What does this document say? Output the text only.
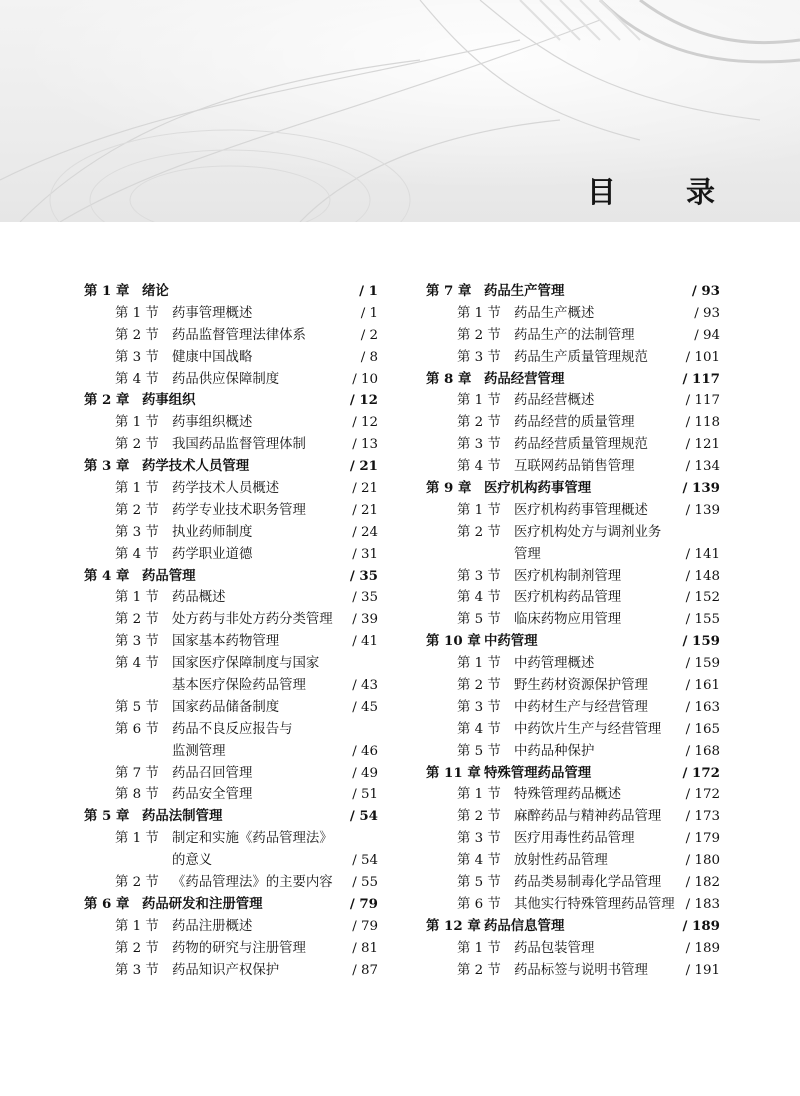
目 录
第 1 章 绪论	/ 1
第 1 节 药事管理概述	/ 1
第 2 节 药品监督管理法律体系	/ 2
第 3 节 健康中国战略	/ 8
第 4 节 药品供应保障制度	/ 10
第 2 章 药事组织	/ 12
第 1 节 药事组织概述	/ 12
第 2 节 我国药品监督管理体制	/ 13
第 3 章 药学技术人员管理	/ 21
第 1 节 药学技术人员概述	/ 21
第 2 节 药学专业技术职务管理	/ 21
第 3 节 执业药师制度	/ 24
第 4 节 药学职业道德	/ 31
第 4 章 药品管理	/ 35
第 1 节 药品概述	/ 35
第 2 节 处方药与非处方药分类管理 / 39
第 3 节 国家基本药物管理	/ 41
第 4 节 国家医疗保障制度与国家
基本医疗保险药品管理	/ 43
第 5 节 国家药品储备制度	/ 45
第 6 节 药品不良反应报告与
监测管理	/ 46
第 7 节 药品召回管理	/ 49
第 8 节 药品安全管理	/ 51
第 5 章 药品法制管理	/ 54
第 1 节 制定和实施《药品管理法》
的意义	/ 54
第 2 节 《药品管理法》的主要内容 / 55
第 6 章 药品研发和注册管理	/ 79
第 1 节 药品注册概述	/ 79
第 2 节 药物的研究与注册管理	/ 81
第 3 节 药品知识产权保护	/ 87
第 7 章 药品生产管理	/ 93
第 1 节 药品生产概述	/ 93
第 2 节 药品生产的法制管理	/ 94
第 3 节 药品生产质量管理规范	/ 101
第 8 章 药品经营管理	/ 117
第 1 节 药品经营概述	/ 117
第 2 节 药品经营的质量管理	/ 118
第 3 节 药品经营质量管理规范	/ 121
第 4 节 互联网药品销售管理	/ 134
第 9 章 医疗机构药事管理	/ 139
第 1 节 医疗机构药事管理概述	/ 139
第 2 节 医疗机构处方与调剂业务
管理	/ 141
第 3 节 医疗机构制剂管理	/ 148
第 4 节 医疗机构药品管理	/ 152
第 5 节 临床药物应用管理	/ 155
第 10 章 中药管理	/ 159
第 1 节 中药管理概述	/ 159
第 2 节 野生药材资源保护管理	/ 161
第 3 节 中药材生产与经营管理	/ 163
第 4 节 中药饮片生产与经营管理 / 165
第 5 节 中药品种保护	/ 168
第 11 章 特殊管理药品管理	/ 172
第 1 节 特殊管理药品概述	/ 172
第 2 节 麻醉药品与精神药品管理 / 173
第 3 节 医疗用毒性药品管理	/ 179
第 4 节 放射性药品管理	/ 180
第 5 节 药品类易制毒化学品管理 / 182
第 6 节 其他实行特殊管理药品管理 / 183
第 12 章 药品信息管理	/ 189
第 1 节 药品包装管理	/ 189
第 2 节 药品标签与说明书管理	/ 191
